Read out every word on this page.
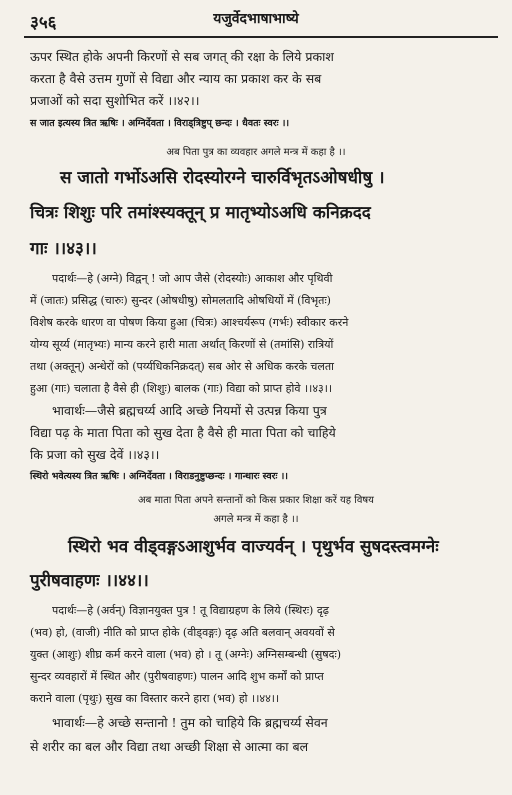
३५६	यजुर्वेदभाषाभाष्ये
ऊपर स्थित होके अपनी किरणों से सब जगत् की रक्षा के लिये प्रकाश
करता है वैसे उत्तम गुणों से विद्या और न्याय का प्रकाश कर के सब
प्रजाओं को सदा सुशोभित करें ।।४२।।
स जात इत्यस्य त्रित ऋषिः । अग्निर्देवता । विराड्त्रिष्टुप् छन्दः । धैवतः स्वरः ।।
अब पिता पुत्र का व्यवहार अगले मन्त्र में कहा है ।।
स जातो गर्भोऽअसि रोदस्योरग्ने चारुर्विभृतऽओषधीषु ।
चित्रः शिशुः परि तमांश्स्यक्तून् प्र मातृभ्योऽअधि कनिक्रदद
गाः ।।४३।।
पदार्थः—हे (अग्ने) विद्वन् ! जो आप जैसे (रोदस्योः) आकाश और पृथिवी
में (जातः) प्रसिद्ध (चारुः) सुन्दर (ओषधीषु) सोमलतादि ओषधियों में (विभृतः)
विशेष करके धारण वा पोषण किया हुआ (चित्रः) आश्चर्यरूप (गर्भः) स्वीकार करने
योग्य सूर्य्य (मातृभ्यः) मान्य करने हारी माता अर्थात् किरणों से (तमांसि) रात्रियों
तथा (अक्तून्) अन्धेरों को (पर्य्यधिकनिक्रदत्) सब ओर से अधिक करके चलता
हुआ (गाः) चलाता है वैसे ही (शिशुः) बालक (गाः) विद्या को प्राप्त होवे ।।४३।।
भावार्थः—जैसे ब्रह्मचर्य्य आदि अच्छे नियमों से उत्पन्न किया पुत्र
विद्या पढ़ के माता पिता को सुख देता है वैसे ही माता पिता को चाहिये
कि प्रजा को सुख देवें ।।४३।।
स्थिरो भवेत्यस्य त्रित ऋषिः । अग्निर्देवता । विराडनुष्टुप्छन्दः । गान्धारः स्वरः ।।
अब माता पिता अपने सन्तानों को किस प्रकार शिक्षा करें यह विषय
अगले मन्त्र में कहा है ।।
स्थिरो भव वीड्वङ्गऽआशुर्भव वाज्यर्वन् । पृथुर्भव सुषदस्त्वमग्नेः
पुरीषवाहणः ।।४४।।
पदार्थः—हे (अर्वन्) विज्ञानयुक्त पुत्र ! तू विद्याग्रहण के लिये (स्थिरः) दृढ़
(भव) हो, (वाजी) नीति को प्राप्त होके (वीड्वङ्गः) दृढ़ अति बलवान् अवयवों से
युक्त (आशुः) शीघ्र कर्म करने वाला (भव) हो । तू (अग्नेः) अग्निसम्बन्धी (सुषदः)
सुन्दर व्यवहारों में स्थित और (पुरीषवाहणः) पालन आदि शुभ कर्मों को प्राप्त
कराने वाला (पृथुः) सुख का विस्तार करने हारा (भव) हो ।।४४।।
भावार्थः—हे अच्छे सन्तानो ! तुम को चाहिये कि ब्रह्मचर्य्य सेवन
से शरीर का बल और विद्या तथा अच्छी शिक्षा से आत्मा का बल
